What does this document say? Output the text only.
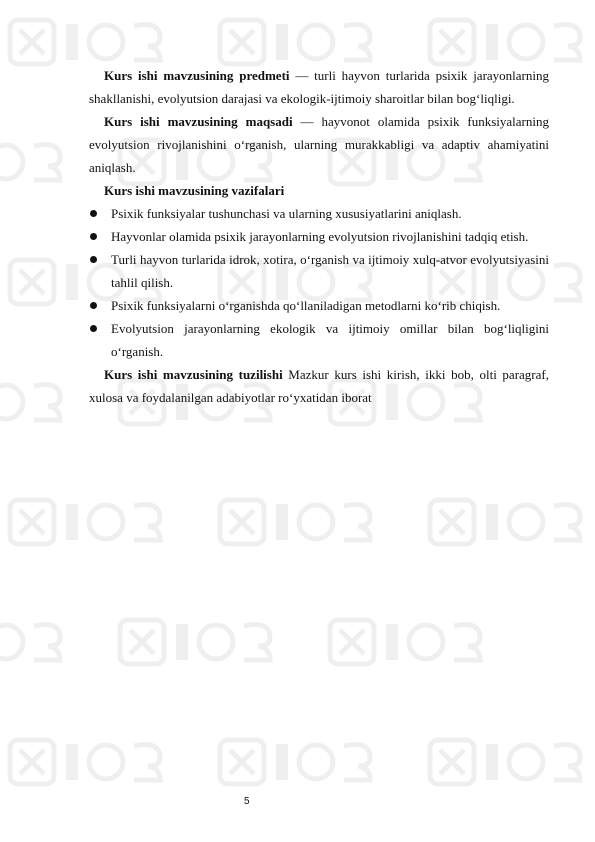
Kurs ishi mavzusining predmeti — turli hayvon turlarida psixik jarayonlarning shakllanishi, evolyutsion darajasi va ekologik-ijtimoiy sharoitlar bilan bog‘liqligi.

Kurs ishi mavzusining maqsadi — hayvonot olamida psixik funksiyalarning evolyutsion rivojlanishini o‘rganish, ularning murakkabligi va adaptiv ahamiyatini aniqlash.

Kurs ishi mavzusining vazifalari

Psixik funksiyalar tushunchasi va ularning xususiyatlarini aniqlash.
Hayvonlar olamida psixik jarayonlarning evolyutsion rivojlanishini tadqiq etish.
Turli hayvon turlarida idrok, xotira, o‘rganish va ijtimoiy xulq-atvor evolyutsiyasini tahlil qilish.
Psixik funksiyalarni o‘rganishda qo‘llaniladigan metodlarni ko‘rib chiqish.
Evolyutsion jarayonlarning ekologik va ijtimoiy omillar bilan bog‘liqligini o‘rganish.

Kurs ishi mavzusining tuzilishi Mazkur kurs ishi kirish, ikki bob, olti paragraf, xulosa va foydalanilgan adabiyotlar ro‘yxatidan iborat

5
